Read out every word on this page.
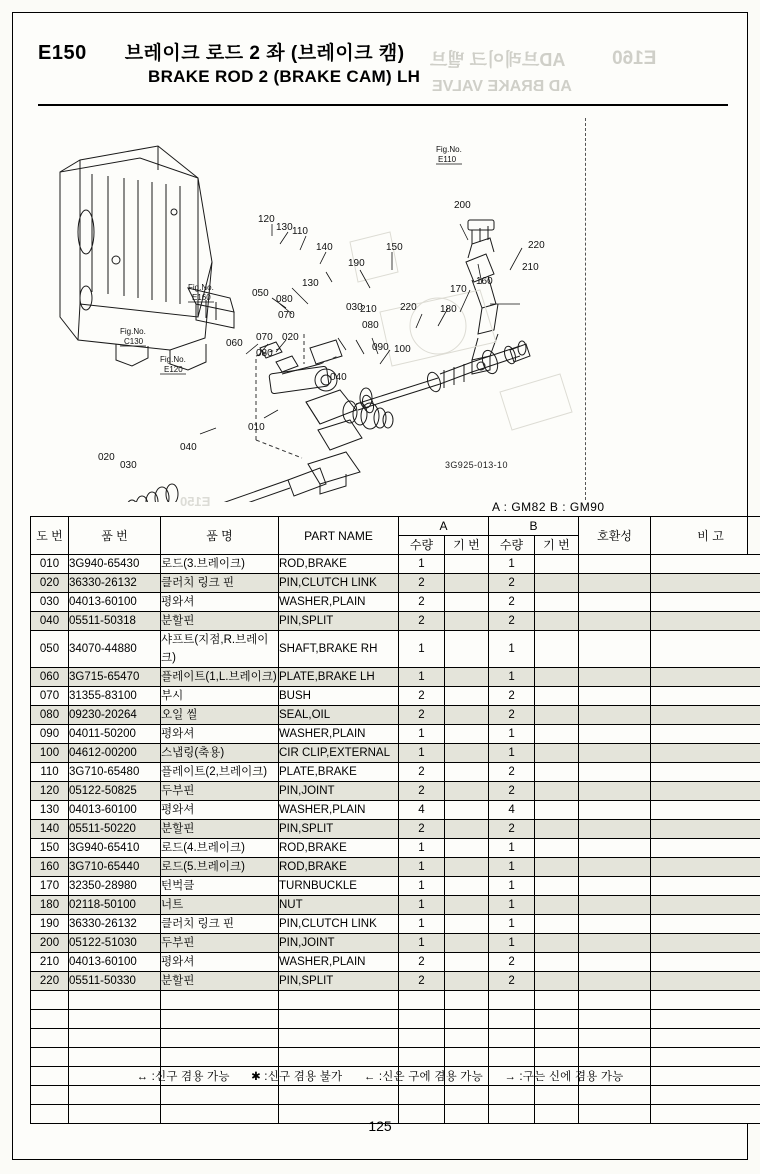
E160
AD브레이크 밸브
AD BRAKE VALVE
E150
E150 브레이크 로드 2 좌 (브레이크 캠)
BRAKE ROD 2 (BRAKE CAM) LH
120
130 110
140	150
190
200
220
210
160
170
180
050
080
130
070
060
070 020
080
030
080
210 220
090 100
040
010
020
030
040
Fig.No.
E110
Fig.No.
E160
Fig.No.
C130
Fig.No.
E120
3G925-013-10
A : GM82 B : GM90
도 번	품 번	품 명	PART NAME	A		B		호환성	비 고
				수량	기 번	수량	기 번		
010	3G940-65430	로드(3.브레이크)	ROD,BRAKE	1		1			
020	36330-26132	클러치 링크 핀	PIN,CLUTCH LINK	2		2			
030	04013-60100	평와셔	WASHER,PLAIN	2		2			
040	05511-50318	분할핀	PIN,SPLIT	2		2			
050	34070-44880	샤프트(지점,R.브레이크)	SHAFT,BRAKE RH	1		1			
060	3G715-65470	플레이트(1,L.브레이크)	PLATE,BRAKE LH	1		1			
070	31355-83100	부시	BUSH	2		2			
080	09230-20264	오일 씰	SEAL,OIL	2		2			
090	04011-50200	평와셔	WASHER,PLAIN	1		1			
100	04612-00200	스냅링(축용)	CIR CLIP,EXTERNAL	1		1			
110	3G710-65480	플레이트(2,브레이크)	PLATE,BRAKE	2		2			
120	05122-50825	두부핀	PIN,JOINT	2		2			
130	04013-60100	평와셔	WASHER,PLAIN	4		4			
140	05511-50220	분할핀	PIN,SPLIT	2		2			
150	3G940-65410	로드(4.브레이크)	ROD,BRAKE	1		1			
160	3G710-65440	로드(5.브레이크)	ROD,BRAKE	1		1			
170	32350-28980	턴벅클	TURNBUCKLE	1		1			
180	02118-50100	너트	NUT	1		1			
190	36330-26132	클러치 링크 핀	PIN,CLUTCH LINK	1		1			
200	05122-51030	두부핀	PIN,JOINT	1		1			
210	04013-60100	평와셔	WASHER,PLAIN	2		2			
220	05511-50330	분할핀	PIN,SPLIT	2		2			

↔ :신구 겸용 가능 ✱ :신구 겸용 불가 ← :신은 구에 겸용 가능 → :구는 신에 겸용 가능
125
